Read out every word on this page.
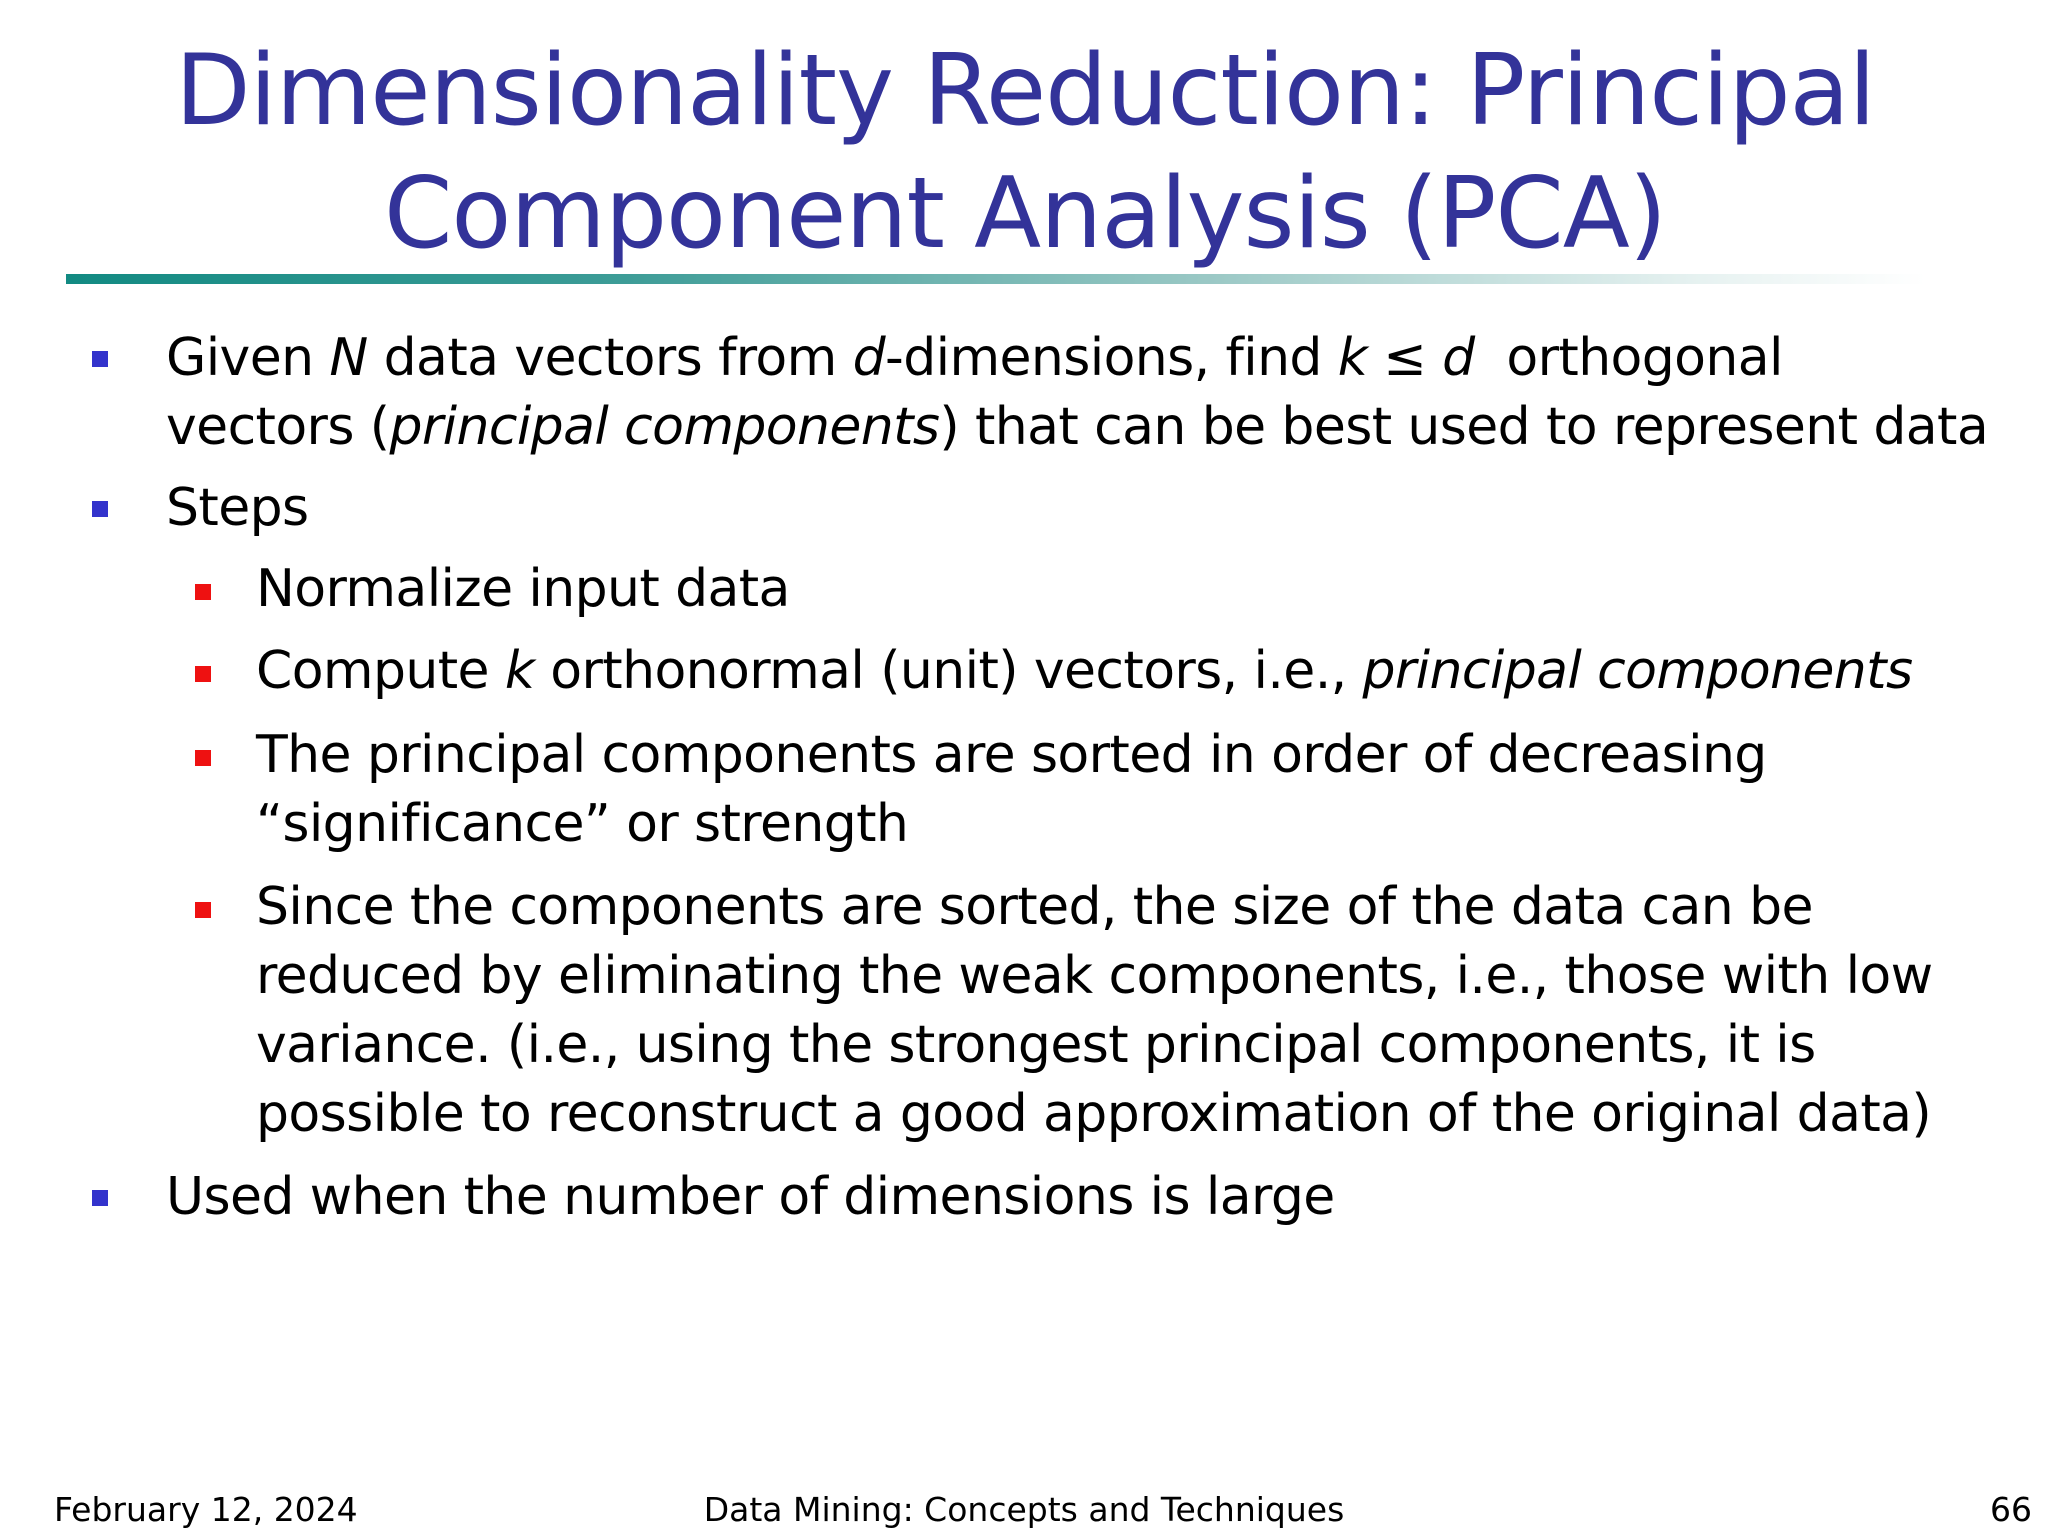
Dimensionality Reduction: Principal
Component Analysis (PCA)
Given N data vectors from d-dimensions, find k ≤ d  orthogonal
vectors (principal components) that can be best used to represent data
Steps
Normalize input data
Compute k orthonormal (unit) vectors, i.e., principal components
The principal components are sorted in order of decreasing
“significance” or strength
Since the components are sorted, the size of the data can be
reduced by eliminating the weak components, i.e., those with low
variance. (i.e., using the strongest principal components, it is
possible to reconstruct a good approximation of the original data)
Used when the number of dimensions is large
February 12, 2024	Data Mining: Concepts and Techniques	66
